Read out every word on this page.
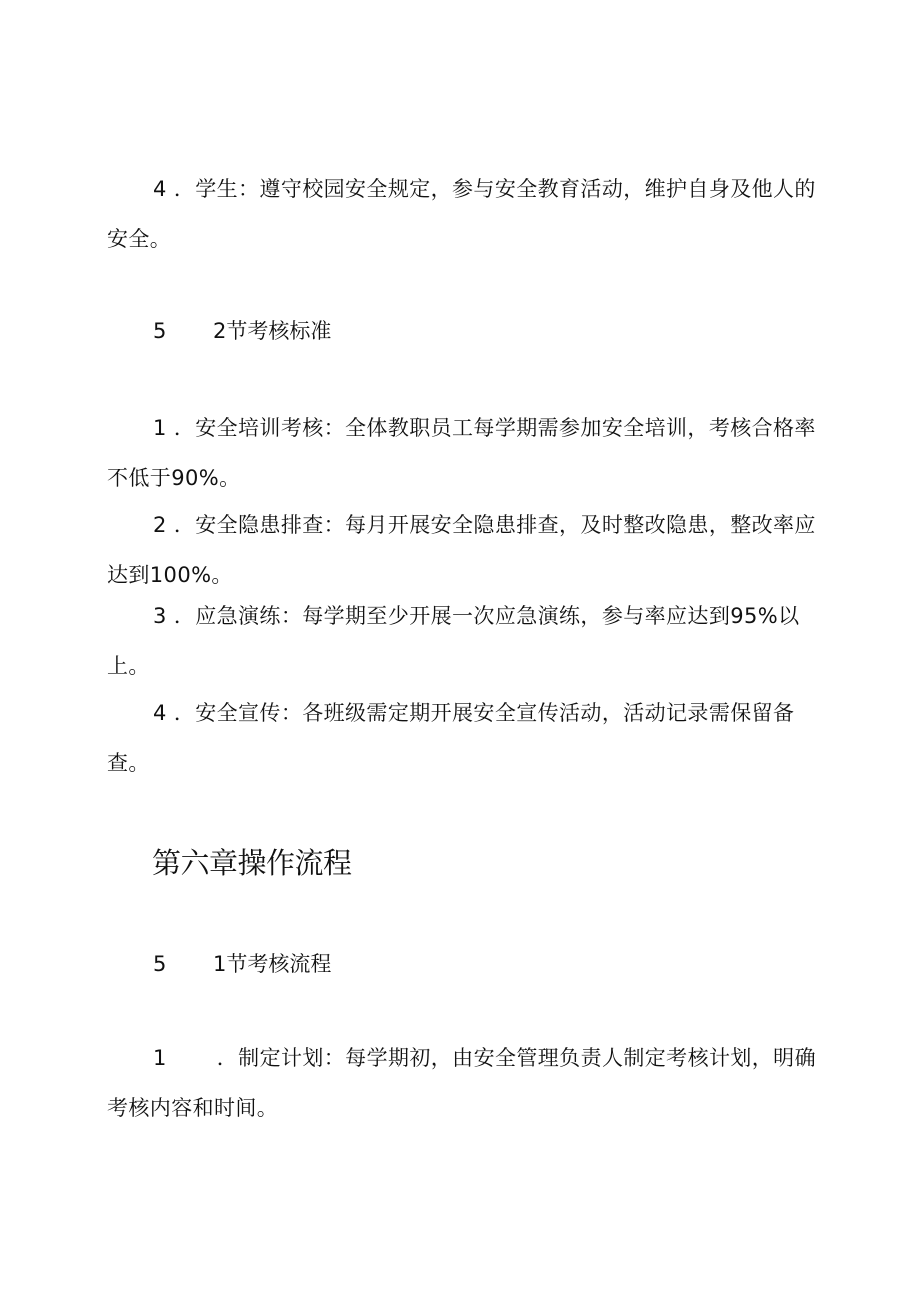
4 ．学生：遵守校园安全规定，参与安全教育活动，维护自身及他人的安全。

5 2节考核标准

1 ．安全培训考核：全体教职员工每学期需参加安全培训，考核合格率不低于90%。

2 ．安全隐患排查：每月开展安全隐患排查，及时整改隐患，整改率应达到100%。

3 ．应急演练：每学期至少开展一次应急演练，参与率应达到95%以上。

4 ．安全宣传：各班级需定期开展安全宣传活动，活动记录需保留备查。

第六章操作流程
5 1节考核流程

1 ．制定计划：每学期初，由安全管理负责人制定考核计划，明确考核内容和时间。
